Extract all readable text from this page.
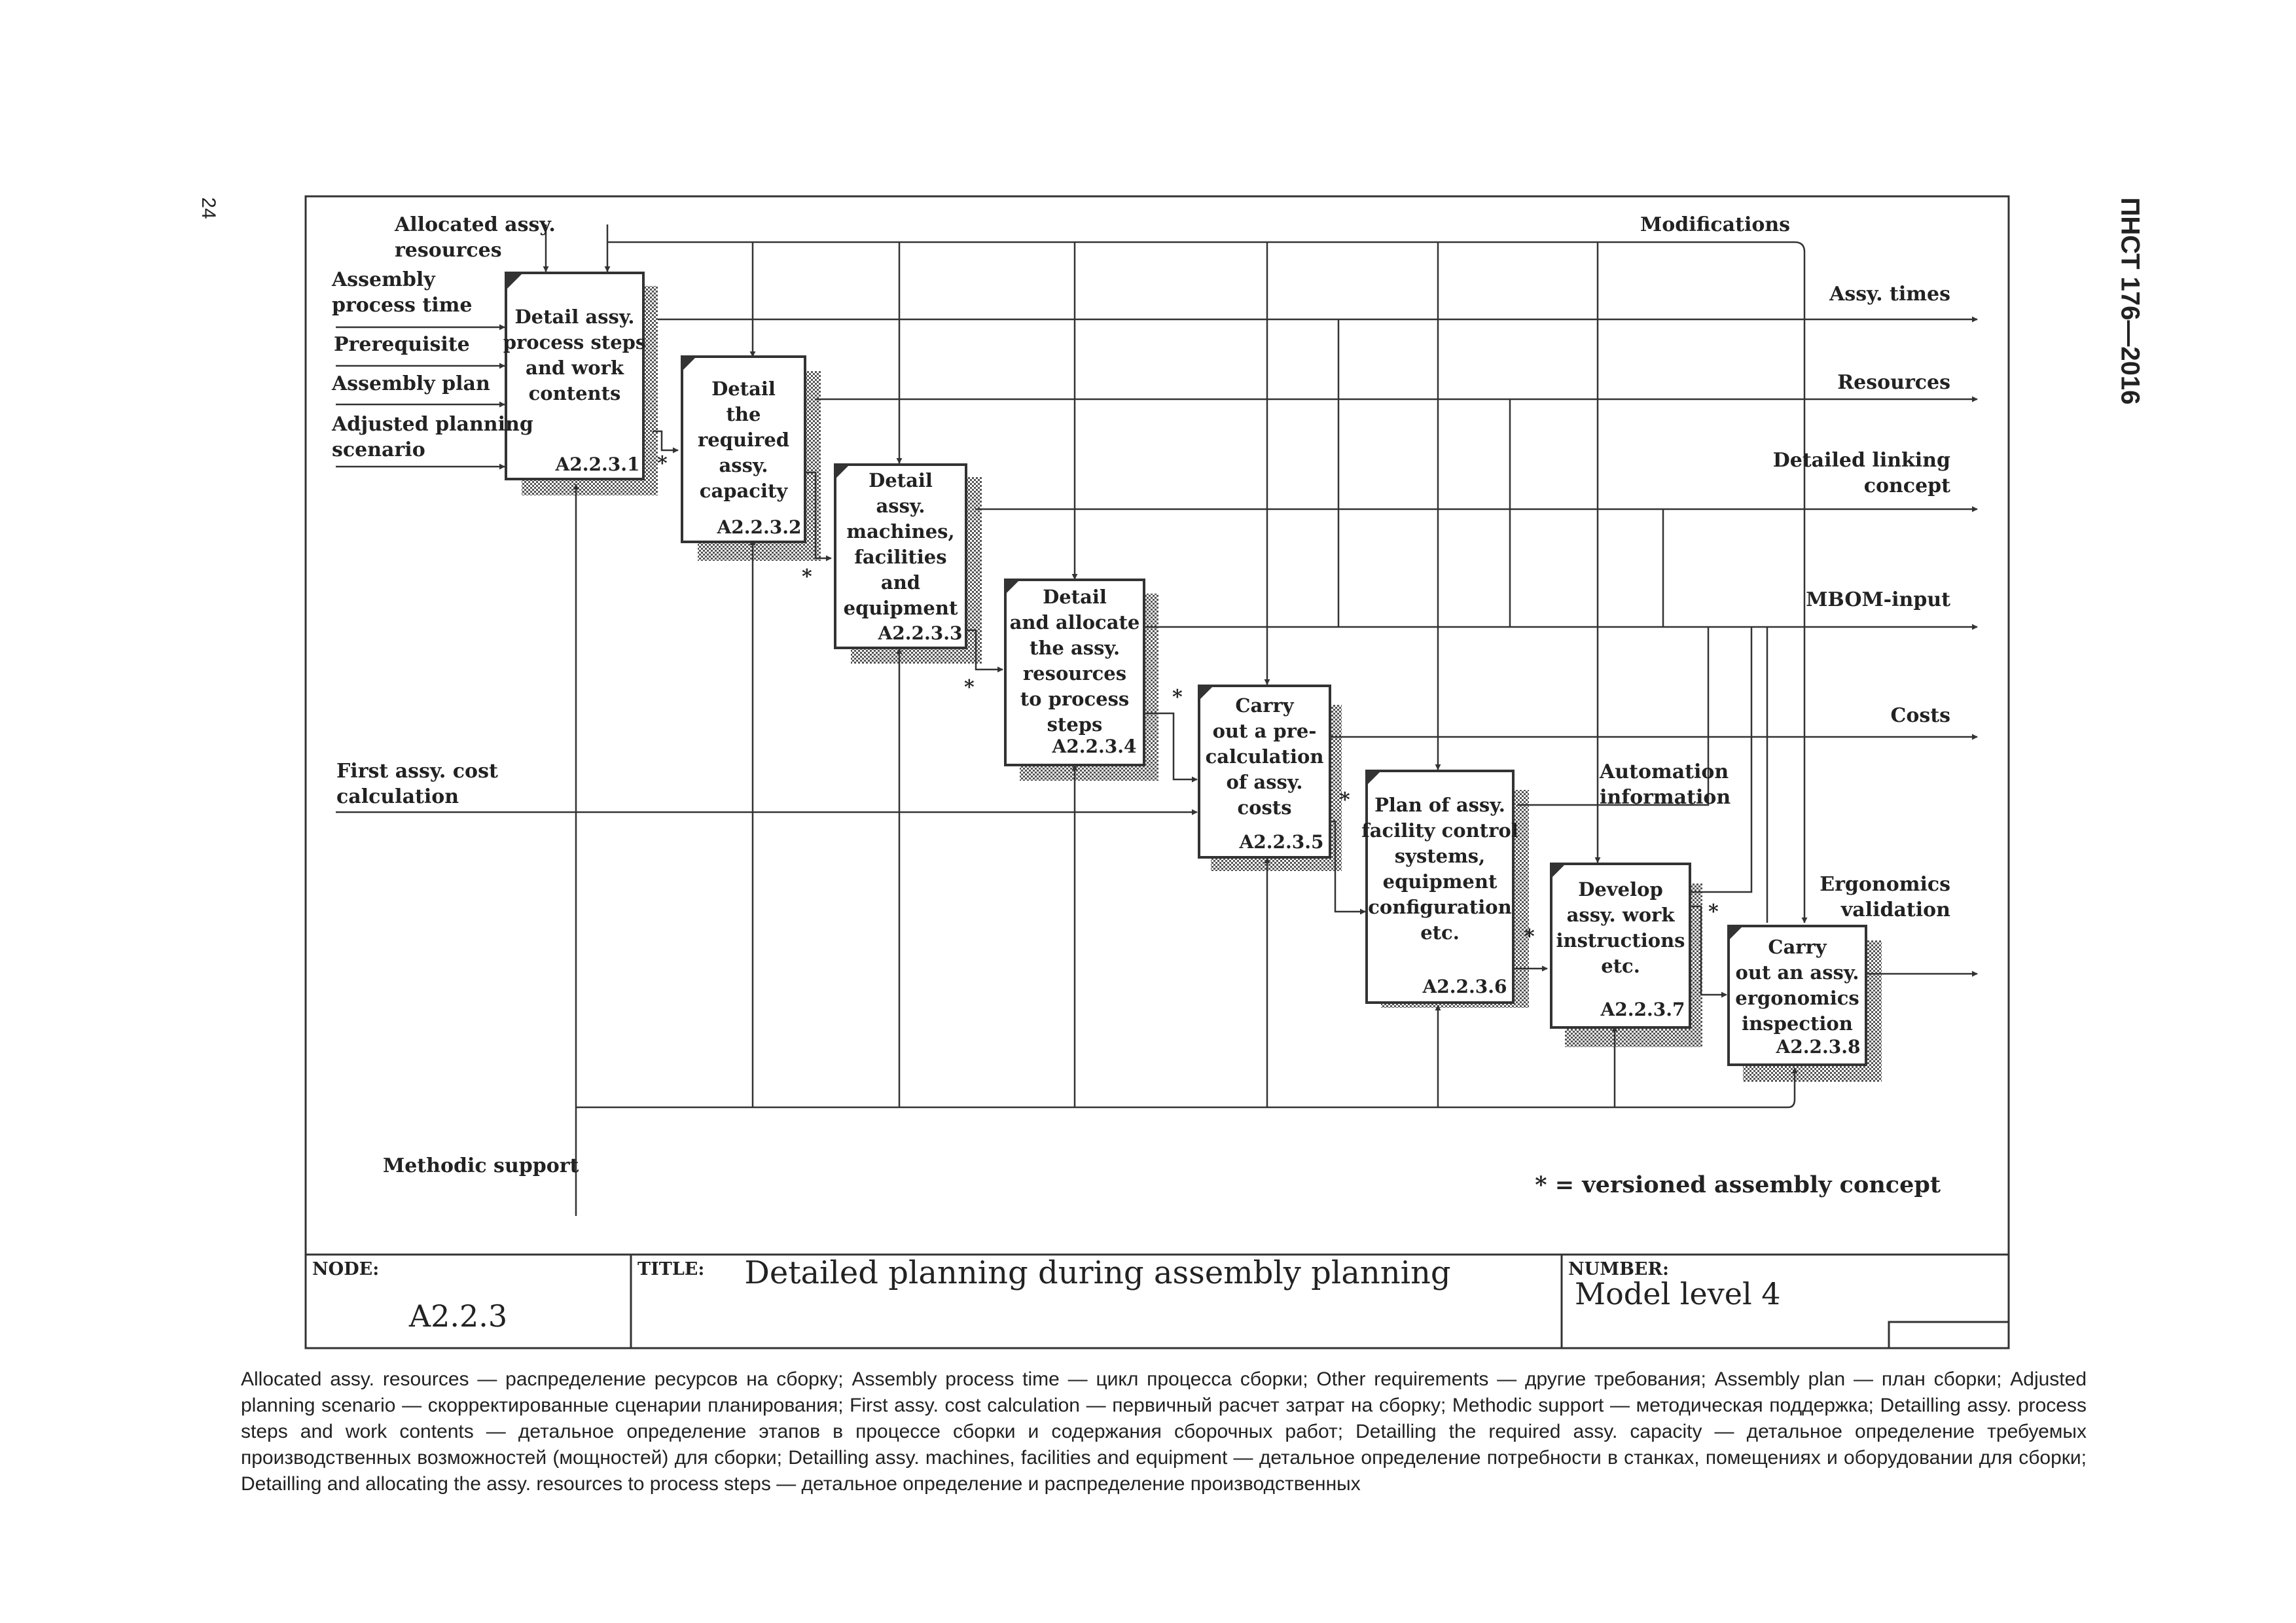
24	ПНСТ 176—2016
Detail assy.
process steps
and work
contents
A2.2.3.1
Detail
the
required
assy.
capacity
A2.2.3.2
Detail
assy.
machines,
facilities
and
equipment
A2.2.3.3
Detail
and allocate
the assy.
resources
to process
steps
A2.2.3.4
Carry
out a pre-
calculation
of assy.
costs
A2.2.3.5
Plan of assy.
facility control
systems,
equipment
configuration
etc.
A2.2.3.6
Develop
assy. work
instructions
etc.
A2.2.3.7
Carry
out an assy.
ergonomics
inspection
A2.2.3.8
Allocated assy.
resources
Assembly
process time
Prerequisite
Assembly plan
Adjusted planning
scenario
First assy. cost
calculation
Modifications
Methodic support
Automation
information
Assy. times
Resources
Detailed linking
concept
MBOM-input
Costs
Ergonomics
validation
*
*
*	*
*
*
*
* = versioned assembly concept
NODE:
A2.2.3
TITLE: Detailed planning during assembly planning	NUMBER:
Model level 4
Allocated assy. resources — распределение ресурсов на сборку; Assembly process time — цикл процесса сборки; Other requirements — другие требования; Assembly plan — план сборки; Adjusted planning scenario — скорректированные сценарии планирования; First assy. cost calculation — первичный расчет затрат на сборку; Methodic support — методическая поддержка; Detailling assy. process steps and work contents — детальное определение этапов в процессе сборки и содержания сборочных работ; Detailling the required assy. capacity — детальное определение требуемых производственных возможностей (мощностей) для сборки; Detailling assy. machines, facilities and equipment — детальное определение потребности в станках, помещениях и оборудовании для сборки; Detailling and allocating the assy. resources to process steps — детальное определение и распределение производственных
